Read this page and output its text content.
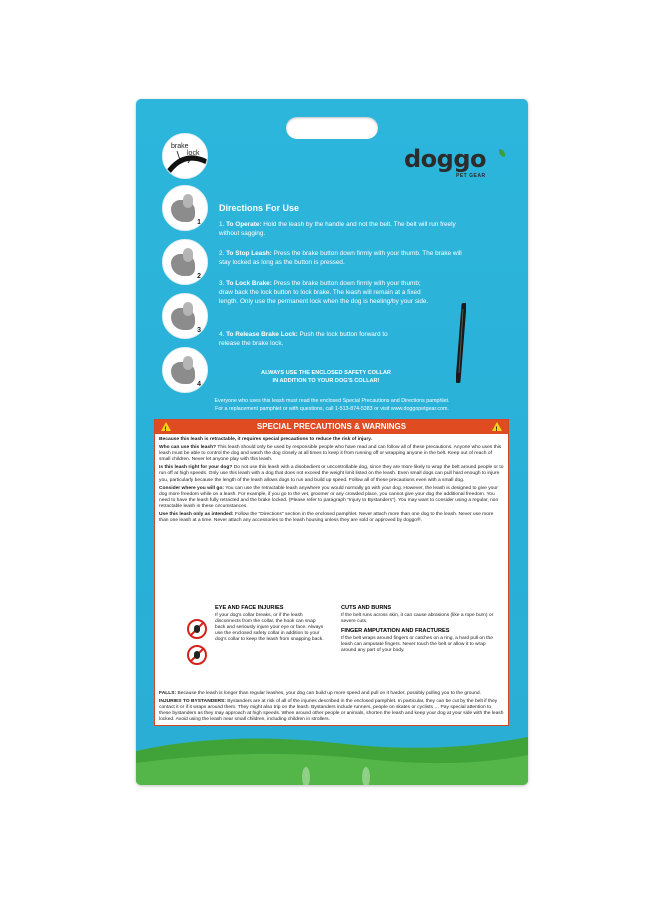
doggo
PET GEAR
brake
lock
1
2
3
4
Directions For Use
1. To Operate: Hold the leash by the handle and not the belt. The belt will run freely without sagging.
2. To Stop Leash: Press the brake button down firmly with your thumb. The brake will stay locked as long as the button is pressed.
3. To Lock Brake: Press the brake button down firmly with your thumb; draw back the lock button to lock brake. The leash will remain at a fixed length. Only use the permanent lock when the dog is heeling/by your side.
4. To Release Brake Lock: Push the lock button forward to release the brake lock.
ALWAYS USE THE ENCLOSED SAFETY COLLAR
IN ADDITION TO YOUR DOG'S COLLAR!
Everyone who uses this leash must read the enclosed Special Precautions and Directions pamphlet.
For a replacement pamphlet or with questions, call 1-513-874-5383 or visit www.doggopetgear.com.
!
SPECIAL PRECAUTIONS & WARNINGS
!

Because this leash is retractable, it requires special precautions to reduce the risk of injury.

Who can use this leash? This leash should only be used by responsible people who have read and can follow all of these precautions. Anyone who uses this leash must be able to control the dog and watch the dog closely at all times to keep it from running off or wrapping anyone in the belt. Keep out of reach of small children. Never let anyone play with this leash.

Is this leash right for your dog? Do not use this leash with a disobedient or uncontrollable dog, since they are more likely to wrap the belt around people or to run off at high speeds. Only use this leash with a dog that does not exceed the weight limit listed on the leash. Even small dogs can pull hard enough to injure you, particularly because the length of the leash allows dogs to run and build up speed. Follow all of these precautions even with a small dog.

Consider where you will go: You can use the retractable leash anywhere you would normally go with your dog. However, the leash is designed to give your dog more freedom while on a leash. For example, if you go to the vet, groomer or any crowded place, you cannot give your dog the additional freedom. You need to have the leash fully retracted and the brake locked. (Please refer to paragraph "Injury to Bystanders"). You may want to consider using a regular, non retractable leash in these circumstances.

Use this leash only as intended: Follow the "Directions" section in the enclosed pamphlet. Never attach more than one dog to the leash. Never use more than one leash at a time. Never attach any accessories to the leash housing unless they are sold or approved by doggo®.

EYE AND FACE INJURIES
If your dog's collar breaks, or if the leash disconnects from the collar, the hook can snap back and seriously injure your eye or face. Always use the enclosed safety collar in addition to your dog's collar to keep the leash from snapping back.
CUTS AND BURNS
If the belt runs across skin, it can cause abrasions (like a rope burn) or severe cuts.
FINGER AMPUTATION AND FRACTURES
If the belt wraps around fingers or catches on a ring, a hard pull on the leash can amputate fingers. Never touch the belt or allow it to wrap around any part of your body.

FALLS: Because the leash is longer than regular leashes, your dog can build up more speed and pull on it harder, possibly pulling you to the ground.

INJURIES TO BYSTANDERS: Bystanders are at risk of all of the injuries described in the enclosed pamphlet. In particular, they can be cut by the belt if they contact it or if it wraps around them. They might also trip on the leash. Bystanders include runners, people on skates or cyclists … Pay special attention to these bystanders as they may approach at high speeds. When around other people or animals, shorten the leash and keep your dog at your side with the leash locked. Avoid using the leash near small children, including children in strollers.
